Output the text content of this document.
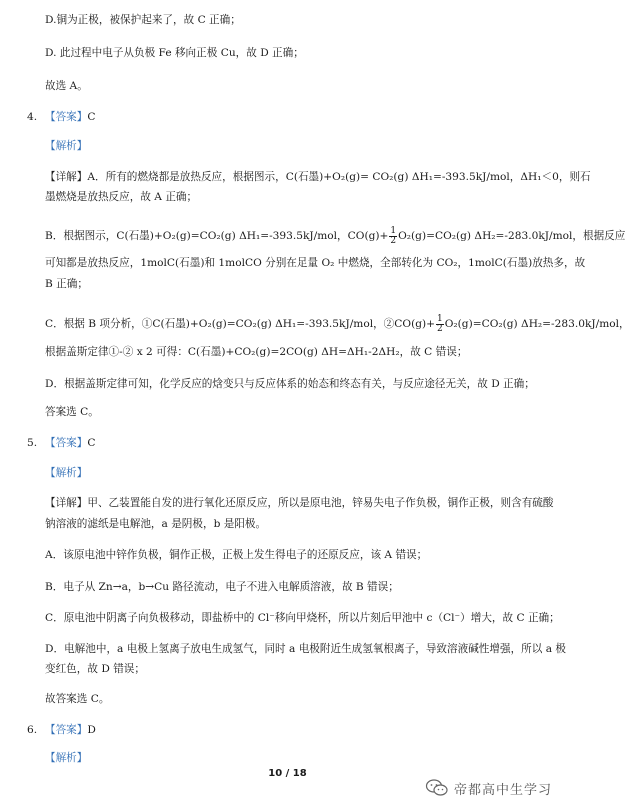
D.铜为正极，被保护起来了，故 C 正确；
D. 此过程中电子从负极 Fe 移向正极 Cu，故 D 正确；
故选 A。
4. 【答案】C
【解析】
【详解】A．所有的燃烧都是放热反应，根据图示，C(石墨)+O₂(g)= CO₂(g) ΔH₁=-393.5kJ/mol，ΔH₁＜0，则石
墨燃烧是放热反应，故 A 正确；
B．根据图示，C(石墨)+O₂(g)=CO₂(g) ΔH₁=-393.5kJ/mol，$CO(g)+ \frac{1}{2} O_2(g)=CO_2(g)$ ΔH₂=-283.0kJ/mol，根据反应
可知都是放热反应，1molC(石墨)和 1molCO 分别在足量 O₂ 中燃烧，全部转化为 CO₂，1molC(石墨)放热多，故
B 正确；
C．根据 B 项分析，①C(石墨)+O₂(g)=CO₂(g) ΔH₁=-393.5kJ/mol，②CO(g)+ $\frac{1}{2} O_2(g)=CO_2(g)$ ΔH₂=-283.0kJ/mol，
根据盖斯定律①-② x 2 可得：C(石墨)+CO₂(g)=2CO(g) ΔH=ΔH₁-2ΔH₂，故 C 错误；
D．根据盖斯定律可知，化学反应的焓变只与反应体系的始态和终态有关，与反应途径无关，故 D 正确；
答案选 C。
5. 【答案】C
【解析】
【详解】甲、乙装置能自发的进行氧化还原反应，所以是原电池，锌易失电子作负极，铜作正极，则含有硫酸
钠溶液的滤纸是电解池，a 是阴极，b 是阳极。
A．该原电池中锌作负极，铜作正极，正极上发生得电子的还原反应，该 A 错误；
B．电子从 Zn→a，b→Cu 路径流动，电子不进入电解质溶液，故 B 错误；
C．原电池中阴离子向负极移动，即盐桥中的 Cl⁻移向甲烧杯，所以片刻后甲池中 c（Cl⁻）增大，故 C 正确；
D．电解池中，a 电极上氢离子放电生成氢气，同时 a 电极附近生成氢氧根离子，导致溶液碱性增强，所以 a 极
变红色，故 D 错误；
故答案选 C。
6. 【答案】D
【解析】
10 / 18
帝都高中生学习
